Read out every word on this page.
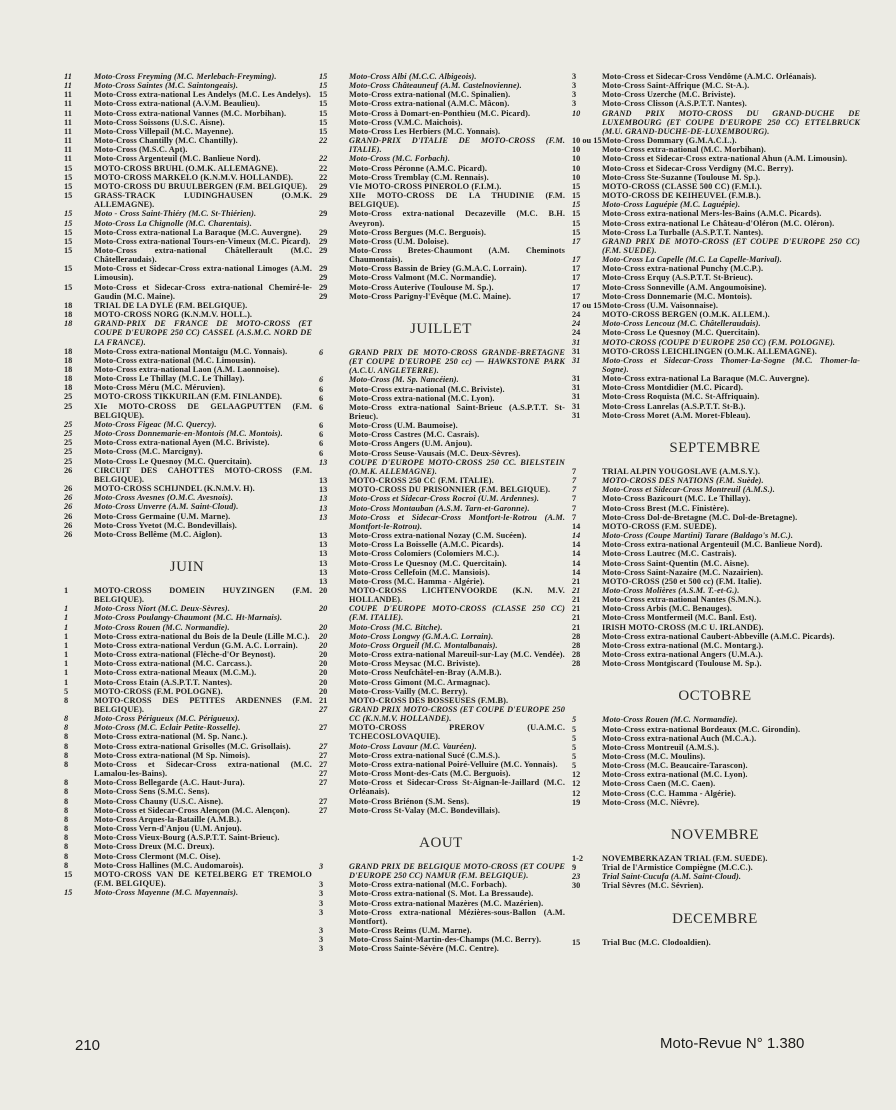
11	Moto-Cross Freyming (M.C. Merlebach-Freyming).
11	Moto-Cross Saintes (M.C. Saintongeais).
11	Moto-Cross extra-national Les Andelys (M.C. Les Andelys).
11	Moto-Cross extra-national (A.V.M. Beaulieu).
11	Moto-Cross extra-national Vannes (M.C. Morbihan).
11	Moto-Cross Soissons (U.S.C. Aisne).
11	Moto-Cross Villepail (M.C. Mayenne).
11	Moto-Cross Chantilly (M.C. Chantilly).
11	Moto-Cross (M.S.C. Apt).
11	Moto-Cross Argenteuil (M.C. Banlieue Nord).
15	MOTO-CROSS BRUHL (O.M.K. ALLEMAGNE).
15	MOTO-CROSS MARKELO (K.N.M.V. HOLLANDE).
15	MOTO-CROSS DU BRUULBERGEN (F.M. BELGIQUE).
15	GRASS-TRACK LUDINGHAUSEN (O.M.K. ALLEMAGNE).
15	Moto - Cross Saint-Thiéry (M.C. St-Thiérien).
15	Moto-Cross La Chignolle (M.C. Charentais).
15	Moto-Cross extra-national La Baraque (M.C. Auvergne).
15	Moto-Cross extra-national Tours-en-Vimeux (M.C. Picard).
15	Moto-Cross extra-national Châtellerault (M.C. Châtelleraudais).
15	Moto-Cross et Sidecar-Cross extra-national Limoges (A.M. Limousin).
15	Moto-Cross et Sidecar-Cross extra-national Chemiré-le-Gaudin (M.C. Maine).
18	TRIAL DE LA DYLE (F.M. BELGIQUE).
18	MOTO-CROSS NORG (K.N.M.V. HOLL.).
18	GRAND-PRIX DE FRANCE DE MOTO-CROSS (ET COUPE D'EUROPE 250 CC) CASSEL (A.S.M.C. NORD DE LA FRANCE).
18	Moto-Cross extra-national Montaigu (M.C. Yonnais).
18	Moto-Cross extra-national (M.C. Limousin).
18	Moto-Cross extra-national Laon (A.M. Laonnoise).
18	Moto-Cross Le Thillay (M.C. Le Thillay).
18	Moto-Cross Méru (M.C. Méruvien).
25	MOTO-CROSS TIKKURILAN (F.M. FINLANDE).
25	XIe MOTO-CROSS DE GELAAGPUTTEN (F.M. BELGIQUE).
25	Moto-Cross Figeac (M.C. Quercy).
25	Moto-Cross Donnemarie-en-Montois (M.C. Montois).
25	Moto-Cross extra-national Ayen (M.C. Briviste).
25	Moto-Cross (M.C. Marcigny).
25	Moto-Cross Le Quesnoy (M.C. Quercitain).
26	CIRCUIT DES CAHOTTES MOTO-CROSS (F.M. BELGIQUE).
26	MOTO-CROSS SCHIJNDEL (K.N.M.V. H).
26	Moto-Cross Avesnes (O.M.C. Avesnois).
26	Moto-Cross Unverre (A.M. Saint-Cloud).
26	Moto-Cross Germaine (U.M. Marne).
26	Moto-Cross Yvetot (M.C. Bondevillais).
26	Moto-Cross Bellême (M.C. Aiglon).
JUIN
1	MOTO-CROSS DOMEIN HUYZINGEN (F.M. BELGIQUE).
1	Moto-Cross Niort (M.C. Deux-Sèvres).
1	Moto-Cross Poulangy-Chaumont (M.C. Ht-Marnais).
1	Moto-Cross Rouen (M.C. Normandie).
1	Moto-Cross extra-national du Bois de la Deule (Lille M.C.).
1	Moto-Cross extra-national Verdun (G.M. A.C. Lorrain).
1	Moto-Cross extra-national (Flèche-d'Or Beynost).
1	Moto-Cross extra-national (M.C. Carcass.).
1	Moto-Cross extra-national Meaux (M.C.M.).
1	Moto-Cross Etain (A.S.P.T.T. Nantes).
5	MOTO-CROSS (F.M. POLOGNE).
8	MOTO-CROSS DES PETITES ARDENNES (F.M. BELGIQUE).
8	Moto-Cross Périgueux (M.C. Périgueux).
8	Moto-Cross (M.C. Eclair Petite-Rosselle).
8	Moto-Cross extra-national (M. Sp. Nanc.).
8	Moto-Cross extra-national Grisolles (M.C. Grisollais).
8	Moto-Cross extra-national (M Sp. Nimois).
8	Moto-Cross et Sidecar-Cross extra-national (M.C. Lamalou-les-Bains).
8	Moto-Cross Bellegarde (A.C. Haut-Jura).
8	Moto-Cross Sens (S.M.C. Sens).
8	Moto-Cross Chauny (U.S.C. Aisne).
8	Moto-Cross et Sidecar-Cross Alençon (M.C. Alençon).
8	Moto-Cross Arques-la-Bataille (A.M.B.).
8	Moto-Cross Vern-d'Anjou (U.M. Anjou).
8	Moto-Cross Vieux-Bourg (A.S.P.T.T. Saint-Brieuc).
8	Moto-Cross Dreux (M.C. Dreux).
8	Moto-Cross Clermont (M.C. Oise).
8	Moto-Cross Hallines (M.C. Audomarois).
15	MOTO-CROSS VAN DE KETELBERG ET TREMOLO (F.M. BELGIQUE).
15	Moto-Cross Mayenne (M.C. Mayennais).
15	Moto-Cross Albi (M.C.C. Albigeois).
15	Moto-Cross Châteauneuf (A.M. Castelnovienne).
15	Moto-Cross extra-national (M.C. Spinalien).
15	Moto-Cross extra-national (A.M.C. Mâcon).
15	Moto-Cross à Domart-en-Ponthieu (M.C. Picard).
15	Moto-Cross (V.M.C. Maichois).
15	Moto-Cross Les Herbiers (M.C. Yonnais).
22	GRAND-PRIX D'ITALIE DE MOTO-CROSS (F.M. ITALIE).
22	Moto-Cross (M.C. Forbach).
22	Moto-Cross Péronne (A.M.C. Picard).
22	Moto-Cross Tremblay (C.M. Rennais).
29	VIe MOTO-CROSS PINEROLO (F.I.M.).
29	XIIe MOTO-CROSS DE LA THUDINIE (F.M. BELGIQUE).
29	Moto-Cross extra-national Decazeville (M.C. B.H. Aveyron).
29	Moto-Cross Bergues (M.C. Berguois).
29	Moto-Cross (U.M. Doloise).
29	Moto-Cross Bretes-Chaumont (A.M. Cheminots Chaumontais).
29	Moto-Cross Bassin de Briey (G.M.A.C. Lorrain).
29	Moto-Cross Valmont (M.C. Normandie).
29	Moto-Cross Auterive (Toulouse M. Sp.).
29	Moto-Cross Parigny-l'Evêque (M.C. Maine).
JUILLET
6	GRAND PRIX DE MOTO-CROSS GRANDE-BRETAGNE (ET COUPE D'EUROPE 250 cc) — HAWKSTONE PARK (A.C.U. ANGLETERRE).
6	Moto-Cross (M. Sp. Nancéien).
6	Moto-Cross extra-national (M.C. Briviste).
6	Moto-Cross extra-national (M.C. Lyon).
6	Moto-Cross extra-national Saint-Brieuc (A.S.P.T.T. St-Brieuc).
6	Moto-Cross (U.M. Baumoise).
6	Moto-Cross Castres (M.C. Casrais).
6	Moto-Cross Angers (U.M. Anjou).
6	Moto-Cross Seuse-Vausais (M.C. Deux-Sèvres).
13	COUPE D'EUROPE MOTO-CROSS 250 CC. BIELSTEIN (O.M.K. ALLEMAGNE).
13	MOTO-CROSS 250 CC (F.M. ITALIE).
13	MOTO-CROSS DU PRISONNIER (F.M. BELGIQUE).
13	Moto-Cross et Sidecar-Cross Rocroi (U.M. Ardennes).
13	Moto-Cross Montauban (A.S.M. Tarn-et-Garonne).
13	Moto-Cross et Sidecar-Cross Montfort-le-Rotrou (A.M. Montfort-le-Rotrou).
13	Moto-Cross extra-national Nozay (C.M. Sucéen).
13	Moto-Cross La Boisselle (A.M.C. Picards).
13	Moto-Cross Colomiers (Colomiers M.C.).
13	Moto-Cross Le Quesnoy (M.C. Quercitain).
13	Moto-Cross Cellefoin (M.C. Mansiois).
13	Moto-Cross (M.C. Hamma - Algérie).
20	MOTO-CROSS LICHTENVOORDE (K.N. M.V. HOLLANDE).
20	COUPE D'EUROPE MOTO-CROSS (CLASSE 250 CC) (F.M. ITALIE).
20	Moto-Cross (M.C. Bitche).
20	Moto-Cross Longwy (G.M.A.C. Lorrain).
20	Moto-Cross Orgueil (M.C. Montalbanais).
20	Moto-Cross extra-national Mareuil-sur-Lay (M.C. Vendée).
20	Moto-Cross Meysac (M.C. Briviste).
20	Moto-Cross Neufchâtel-en-Bray (A.M.B.).
20	Moto-Cross Gimont (M.C. Armagnac).
20	Moto-Cross-Vailly (M.C. Berry).
21	MOTO-CROSS DES BOSSEUSES (F.M.B).
27	GRAND PRIX MOTO-CROSS (ET COUPE D'EUROPE 250 CC (K.N.M.V. HOLLANDE).
27	MOTO-CROSS PREROV (U.A.M.C. TCHECOSLOVAQUIE).
27	Moto-Cross Lavaur (M.C. Vauréen).
27	Moto-Cross extra-national Sucé (C.M.S.).
27	Moto-Cross extra-national Poiré-Velluire (M.C. Yonnais).
27	Moto-Cross Mont-des-Cats (M.C. Berguois).
27	Moto-Cross et Sidecar-Cross St-Aignan-le-Jaillard (M.C. Orléanais).
27	Moto-Cross Briénon (S.M. Sens).
27	Moto-Cross St-Valay (M.C. Bondevillais).
AOUT
3	GRAND PRIX DE BELGIQUE MOTO-CROSS (ET COUPE D'EUROPE 250 CC) NAMUR (F.M. BELGIQUE).
3	Moto-Cross extra-national (M.C. Forbach).
3	Moto-Cross extra-national (S. Mot. La Bressaude).
3	Moto-Cross extra-national Mazères (M.C. Mazérien).
3	Moto-Cross extra-national Mézières-sous-Ballon (A.M. Montfort).
3	Moto-Cross Reims (U.M. Marne).
3	Moto-Cross Saint-Martin-des-Champs (M.C. Berry).
3	Moto-Cross Sainte-Sévère (M.C. Centre).
3	Moto-Cross et Sidecar-Cross Vendôme (A.M.C. Orléanais).
3	Moto-Cross Saint-Affrique (M.C. St-A.).
3	Moto-Cross Uzerche (M.C. Briviste).
3	Moto-Cross Clisson (A.S.P.T.T. Nantes).
10	GRAND PRIX MOTO-CROSS DU GRAND-DUCHE DE LUXEMBOURG (ET COUPE D'EUROPE 250 CC) ETTELBRUCK (M.U. GRAND-DUCHE-DE-LUXEMBOURG).
10 ou 15 Moto-Cross Dommary (G.M.A.C.L.).
10	Moto-Cross extra-national (M.C. Morbihan).
10	Moto-Cross et Sidecar-Cross extra-national Ahun (A.M. Limousin).
10	Moto-Cross et Sidecar-Cross Verdigny (M.C. Berry).
10	Moto-Cross Ste-Suzanne (Toulouse M. Sp.).
15	MOTO-CROSS (CLASSE 500 CC) (F.M.I.).
15	MOTO-CROSS DE KEIHEUVEL (F.M.B.).
15	Moto-Cross Laguépie (M.C. Laguépie).
15	Moto-Cross extra-national Mers-les-Bains (A.M.C. Picards).
15	Moto-Cross extra-national Le Château-d'Oléron (M.C. Oléron).
15	Moto-Cross La Turballe (A.S.P.T.T. Nantes).
17	GRAND PRIX DE MOTO-CROSS (ET COUPE D'EUROPE 250 CC) (F.M. SUEDE).
17	Moto-Cross La Capelle (M.C. La Capelle-Marival).
17	Moto-Cross extra-national Punchy (M.C.P.).
17	Moto-Cross Erquy (A.S.P.T.T. St-Brieuc).
17	Moto-Cross Sonneville (A.M. Angoumoisine).
17	Moto-Cross Donnemarie (M.C. Montois).
17 ou 15 Moto-Cross (U.M. Vaisonnaise).
24	MOTO-CROSS BERGEN (O.M.K. ALLEM.).
24	Moto-Cross Lencouz (M.C. Châtelleraudais).
24	Moto-Cross Le Quesnoy (M.C. Quercitain).
31	MOTO-CROSS (COUPE D'EUROPE 250 CC) (F.M. POLOGNE).
31	MOTO-CROSS LEICHLINGEN (O.M.K. ALLEMAGNE).
31	Moto-Cross et Sidecar-Cross Thomer-La-Sogne (M.C. Thomer-la-Sogne).
31	Moto-Cross extra-national La Baraque (M.C. Auvergne).
31	Moto-Cross Montdidier (M.C. Picard).
31	Moto-Cross Roquista (M.C. St-Affriquain).
31	Moto-Cross Lanrelas (A.S.P.T.T. St-B.).
31	Moto-Cross Moret (A.M. Moret-Fbleau).
SEPTEMBRE
7	TRIAL ALPIN YOUGOSLAVE (A.M.S.Y.).
7	MOTO-CROSS DES NATIONS (F.M. Suède).
7	Moto-Cross et Sidecar-Cross Montreuil (A.M.S.).
7	Moto-Cross Bazicourt (M.C. Le Thillay).
7	Moto-Cross Brest (M.C. Finistère).
7	Moto-Cross Dol-de-Bretagne (M.C. Dol-de-Bretagne).
14	MOTO-CROSS (F.M. SUEDE).
14	Moto-Cross (Coupe Martini) Tarare (Baldago's M.C.).
14	Moto-Cross extra-national Argenteuil (M.C. Banlieue Nord).
14	Moto-Cross Lautrec (M.C. Castrais).
14	Moto-Cross Saint-Quentin (M.C. Aisne).
14	Moto-Cross Saint-Nazaire (M.C. Nazairien).
21	MOTO-CROSS (250 et 500 cc) (F.M. Italie).
21	Moto-Cross Molières (A.S.M. T.-et-G.).
21	Moto-Cross extra-national Nantes (S.M.N.).
21	Moto-Cross Arbis (M.C. Benauges).
21	Moto-Cross Montfermeil (M.C. Banl. Est).
21	IRISH MOTO-CROSS (M.C U. IRLANDE).
28	Moto-Cross extra-national Caubert-Abbeville (A.M.C. Picards).
28	Moto-Cross extra-national (M.C. Montarg.).
28	Moto-Cross extra-national Angers (U.M.A.).
28	Moto-Cross Montgiscard (Toulouse M. Sp.).
OCTOBRE
5	Moto-Cross Rouen (M.C. Normandie).
5	Moto-Cross extra-national Bordeaux (M.C. Girondin).
5	Moto-Cross extra-national Auch (M.C.A.).
5	Moto-Cross Montreuil (A.M.S.).
5	Moto-Cross (M.C. Moulins).
5	Moto-Cross (M.C. Beaucaire-Tarascon).
12	Moto-Cross extra-national (M.C. Lyon).
12	Moto-Cross Caen (M.C. Caen).
12	Moto-Cross (C.C. Hamma - Algérie).
19	Moto-Cross (M.C. Nièvre).
NOVEMBRE
1-2	NOVEMBERKAZAN TRIAL (F.M. SUEDE).
9	Trial de l'Armistice Compiègne (M.C.C.).
23	Trial Saint-Cucufa (A.M. Saint-Cloud).
30	Trial Sèvres (M.C. Sévrien).
DECEMBRE
15	Trial Buc (M.C. Clodoaldien).
210	Moto-Revue N° 1.380
